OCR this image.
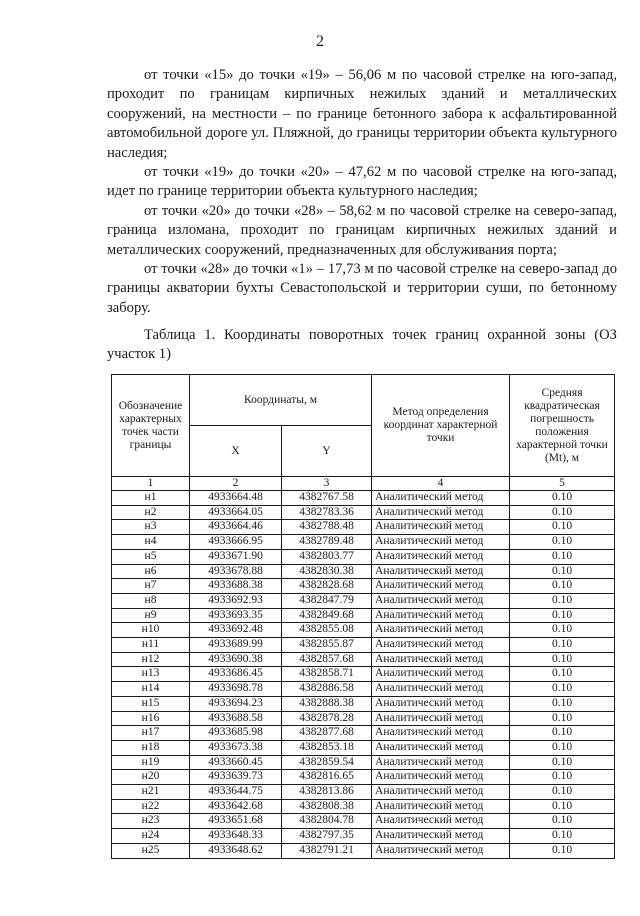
2

от точки «15» до точки «19» – 56,06 м по часовой стрелке на юго-запад, проходит по границам кирпичных нежилых зданий и металлических сооружений, на местности – по границе бетонного забора к асфальтированной автомобильной дороге ул. Пляжной, до границы территории объекта культурного наследия;

от точки «19» до точки «20» – 47,62 м по часовой стрелке на юго-запад, идет по границе территории объекта культурного наследия;

от точки «20» до точки «28» – 58,62 м по часовой стрелке на северо-запад, граница изломана, проходит по границам кирпичных нежилых зданий и металлических сооружений, предназначенных для обслуживания порта;

от точки «28» до точки «1» – 17,73 м по часовой стрелке на северо-запад до границы акватории бухты Севастопольской и территории суши, по бетонному забору.

Таблица 1. Координаты поворотных точек границ охранной зоны (ОЗ участок 1)

Обозначение характерных точек части границы	Координаты, м		Метод определения координат характерной точки	Средняя квадратическая погрешность положения характерной точки (Mt), м
	X	Y		
1	2	3	4	5
н1	4933664.48	4382767.58	Аналитический метод	0.10
н2	4933664.05	4382783.36	Аналитический метод	0.10
н3	4933664.46	4382788.48	Аналитический метод	0.10
н4	4933666.95	4382789.48	Аналитический метод	0.10
н5	4933671.90	4382803.77	Аналитический метод	0.10
н6	4933678.88	4382830.38	Аналитический метод	0.10
н7	4933688.38	4382828.68	Аналитический метод	0.10
н8	4933692.93	4382847.79	Аналитический метод	0.10
н9	4933693.35	4382849.68	Аналитический метод	0.10
н10	4933692.48	4382855.08	Аналитический метод	0.10
н11	4933689.99	4382855.87	Аналитический метод	0.10
н12	4933690.38	4382857.68	Аналитический метод	0.10
н13	4933686.45	4382858.71	Аналитический метод	0.10
н14	4933698.78	4382886.58	Аналитический метод	0.10
н15	4933694.23	4382888.38	Аналитический метод	0.10
н16	4933688.58	4382878.28	Аналитический метод	0.10
н17	4933685.98	4382877.68	Аналитический метод	0.10
н18	4933673.38	4382853.18	Аналитический метод	0.10
н19	4933660.45	4382859.54	Аналитический метод	0.10
н20	4933639.73	4382816.65	Аналитический метод	0.10
н21	4933644.75	4382813.86	Аналитический метод	0.10
н22	4933642.68	4382808.38	Аналитический метод	0.10
н23	4933651.68	4382804.78	Аналитический метод	0.10
н24	4933648.33	4382797.35	Аналитический метод	0.10
н25	4933648.62	4382791.21	Аналитический метод	0.10
